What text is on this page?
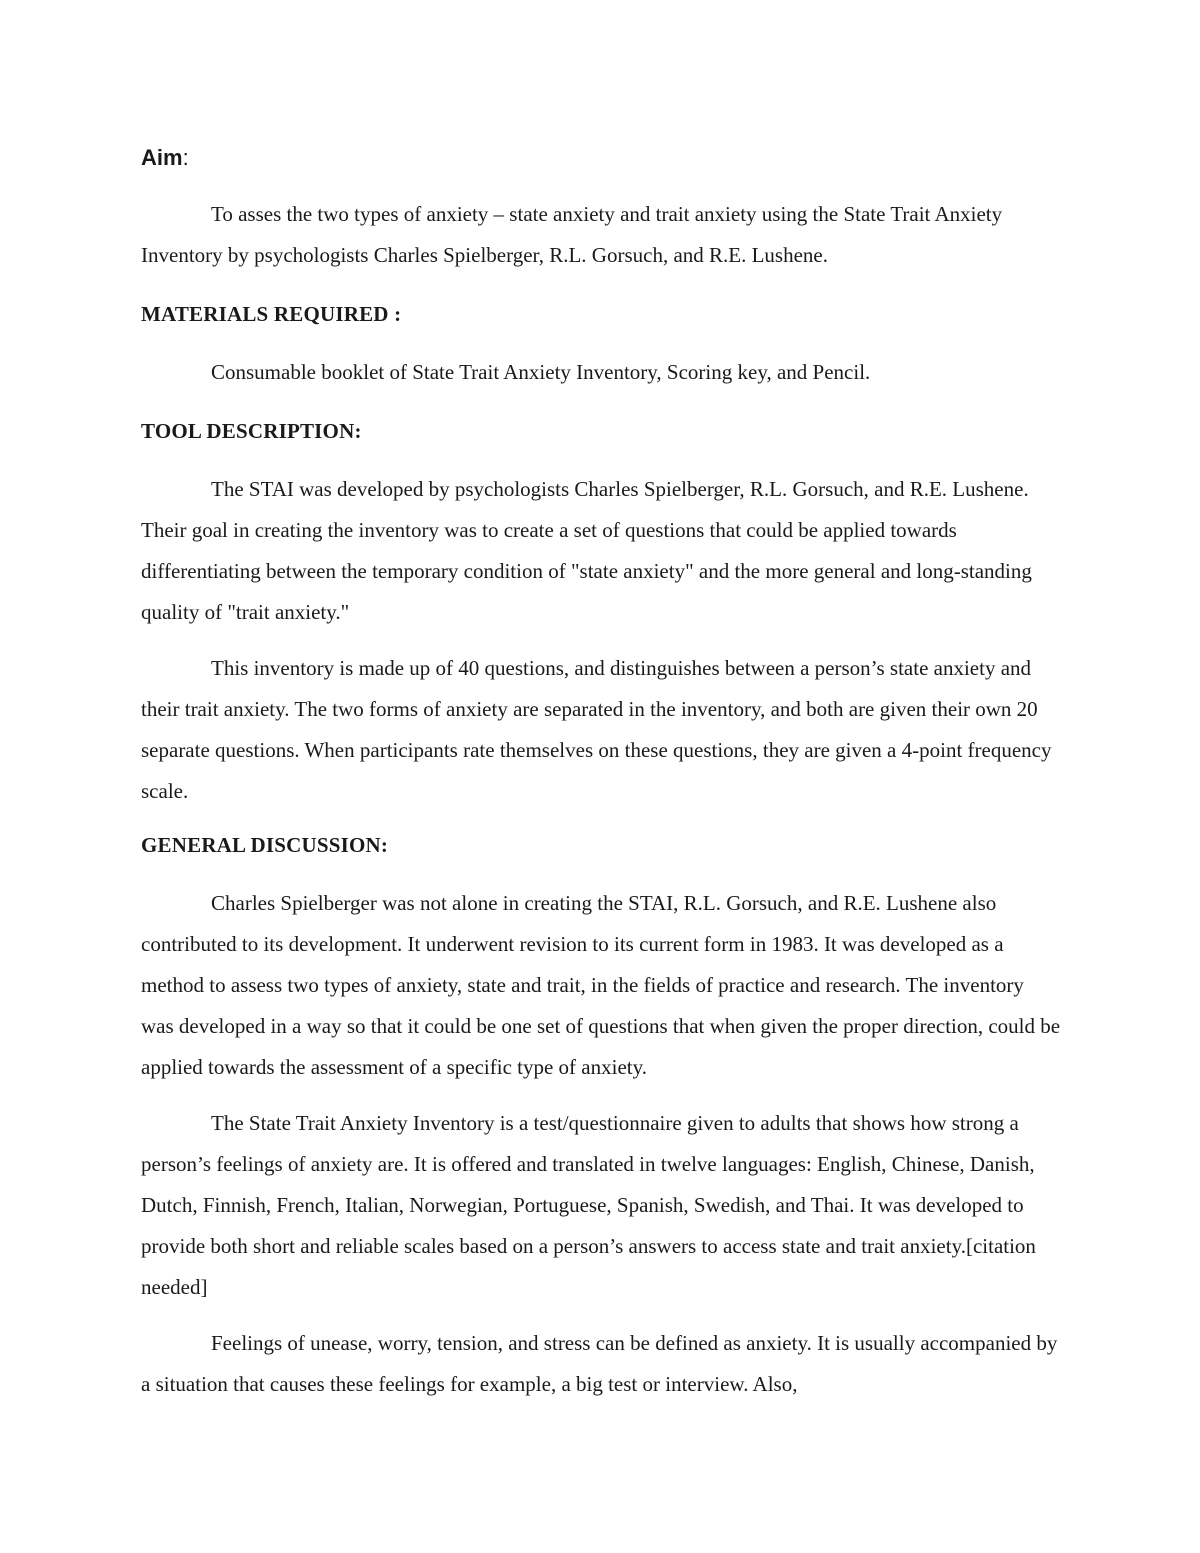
Aim:

To asses the two types of anxiety – state anxiety and trait anxiety using the State Trait Anxiety Inventory by psychologists Charles Spielberger, R.L. Gorsuch, and R.E. Lushene.

MATERIALS REQUIRED :

Consumable booklet of State Trait Anxiety Inventory, Scoring key, and Pencil.

TOOL DESCRIPTION:

The STAI was developed by psychologists Charles Spielberger, R.L. Gorsuch, and R.E. Lushene. Their goal in creating the inventory was to create a set of questions that could be applied towards differentiating between the temporary condition of "state anxiety" and the more general and long-standing quality of "trait anxiety."

This inventory is made up of 40 questions, and distinguishes between a person’s state anxiety and their trait anxiety. The two forms of anxiety are separated in the inventory, and both are given their own 20 separate questions. When participants rate themselves on these questions, they are given a 4-point frequency scale.

GENERAL DISCUSSION:

Charles Spielberger was not alone in creating the STAI, R.L. Gorsuch, and R.E. Lushene also contributed to its development. It underwent revision to its current form in 1983. It was developed as a method to assess two types of anxiety, state and trait, in the fields of practice and research. The inventory was developed in a way so that it could be one set of questions that when given the proper direction, could be applied towards the assessment of a specific type of anxiety.

The State Trait Anxiety Inventory is a test/questionnaire given to adults that shows how strong a person’s feelings of anxiety are. It is offered and translated in twelve languages: English, Chinese, Danish, Dutch, Finnish, French, Italian, Norwegian, Portuguese, Spanish, Swedish, and Thai. It was developed to provide both short and reliable scales based on a person’s answers to access state and trait anxiety.[citation needed]

Feelings of unease, worry, tension, and stress can be defined as anxiety. It is usually accompanied by a situation that causes these feelings for example, a big test or interview. Also,
